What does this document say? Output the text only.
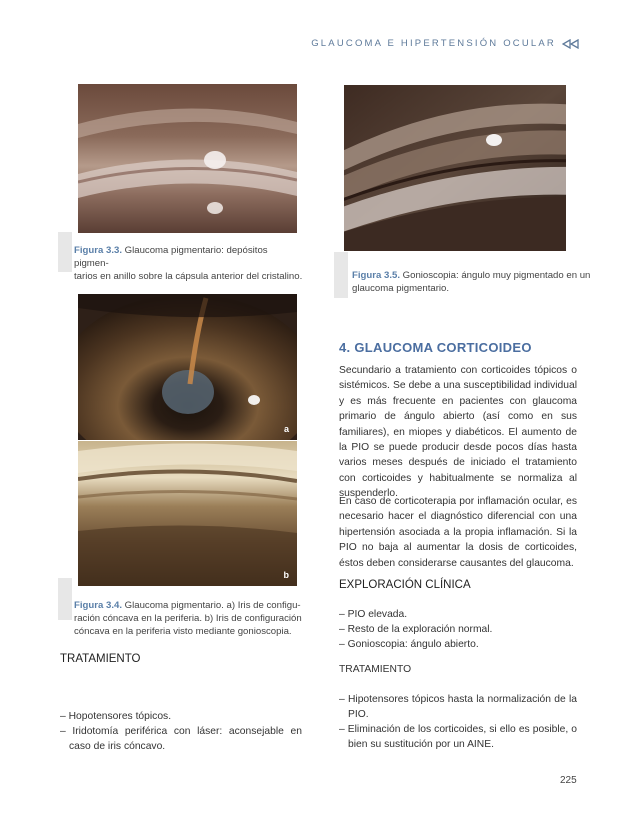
GLAUCOMA E HIPERTENSIÓN OCULAR
Figura 3.3. Glaucoma pigmentario: depósitos pigmen-
tarios en anillo sobre la cápsula anterior del cristalino.	Figura 3.5. Gonioscopia: ángulo muy pigmentado en un
glaucoma pigmentario.
a
b
Figura 3.4. Glaucoma pigmentario. a) Iris de configu-
ración cóncava en la periferia. b) Iris de configuración
cóncava en la periferia visto mediante gonioscopia.
TRATAMIENTO
– Hopotensores tópicos.
– Iridotomía periférica con láser: aconsejable en caso de iris cóncavo.
4. GLAUCOMA CORTICOIDEO

Secundario a tratamiento con corticoides tópicos o sistémicos. Se debe a una susceptibilidad individual y es más frecuente en pacientes con glaucoma primario de ángulo abierto (así como en sus familiares), en miopes y diabéticos. El aumento de la PIO se puede producir desde pocos días hasta varios meses después de iniciado el tratamiento con corticoides y habitualmente se normaliza al suspenderlo.

En caso de corticoterapia por inflamación ocular, es necesario hacer el diagnóstico diferencial con una hipertensión asociada a la propia inflamación. Si la PIO no baja al aumentar la dosis de corticoides, éstos deben considerarse causantes del glaucoma.

EXPLORACIÓN CLÍNICA
– PIO elevada.
– Resto de la exploración normal.
– Gonioscopia: ángulo abierto.
TRATAMIENTO
– Hipotensores tópicos hasta la normalización de la PIO.
– Eliminación de los corticoides, si ello es posible, o bien su sustitución por un AINE.
225
